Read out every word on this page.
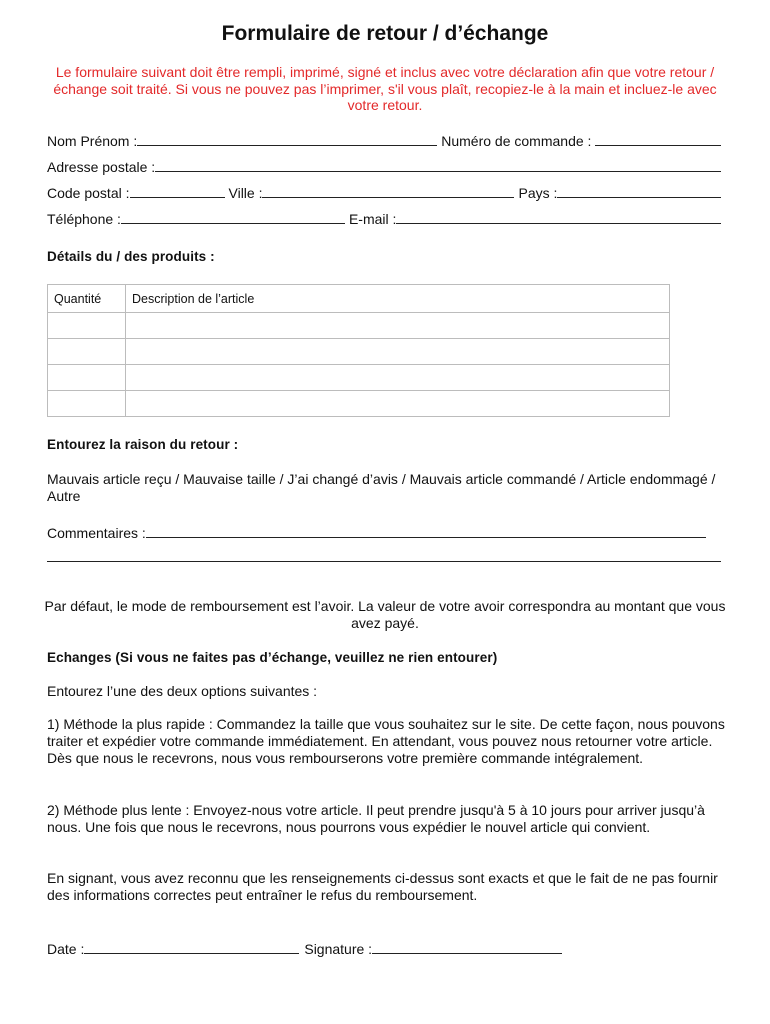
Formulaire de retour / d’échange
Le formulaire suivant doit être rempli, imprimé, signé et inclus avec votre déclaration afin que votre retour / échange soit traité. Si vous ne pouvez pas l’imprimer, s'il vous plaît, recopiez-le à la main et incluez-le avec votre retour.
Nom Prénom :	Numéro de commande :
Adresse postale :
Code postal :	Ville :	Pays :
Téléphone :	E-mail :
Détails du / des produits :
Quantité	Description de l’article

Entourez la raison du retour :
Mauvais article reçu / Mauvaise taille / J’ai changé d’avis / Mauvais article commandé / Article endommagé / Autre
Commentaires :
Par défaut, le mode de remboursement est l’avoir. La valeur de votre avoir correspondra au montant que vous avez payé.
Echanges (Si vous ne faites pas d’échange, veuillez ne rien entourer)
Entourez l’une des deux options suivantes :
1) Méthode la plus rapide : Commandez la taille que vous souhaitez sur le site. De cette façon, nous pouvons traiter et expédier votre commande immédiatement. En attendant, vous pouvez nous retourner votre article. Dès que nous le recevrons, nous vous rembourserons votre première commande intégralement.
2) Méthode plus lente : Envoyez-nous votre article. Il peut prendre jusqu'à 5 à 10 jours pour arriver jusqu’à nous. Une fois que nous le recevrons, nous pourrons vous expédier le nouvel article qui convient.
En signant, vous avez reconnu que les renseignements ci-dessus sont exacts et que le fait de ne pas fournir des informations correctes peut entraîner le refus du remboursement.
Date :	Signature :
